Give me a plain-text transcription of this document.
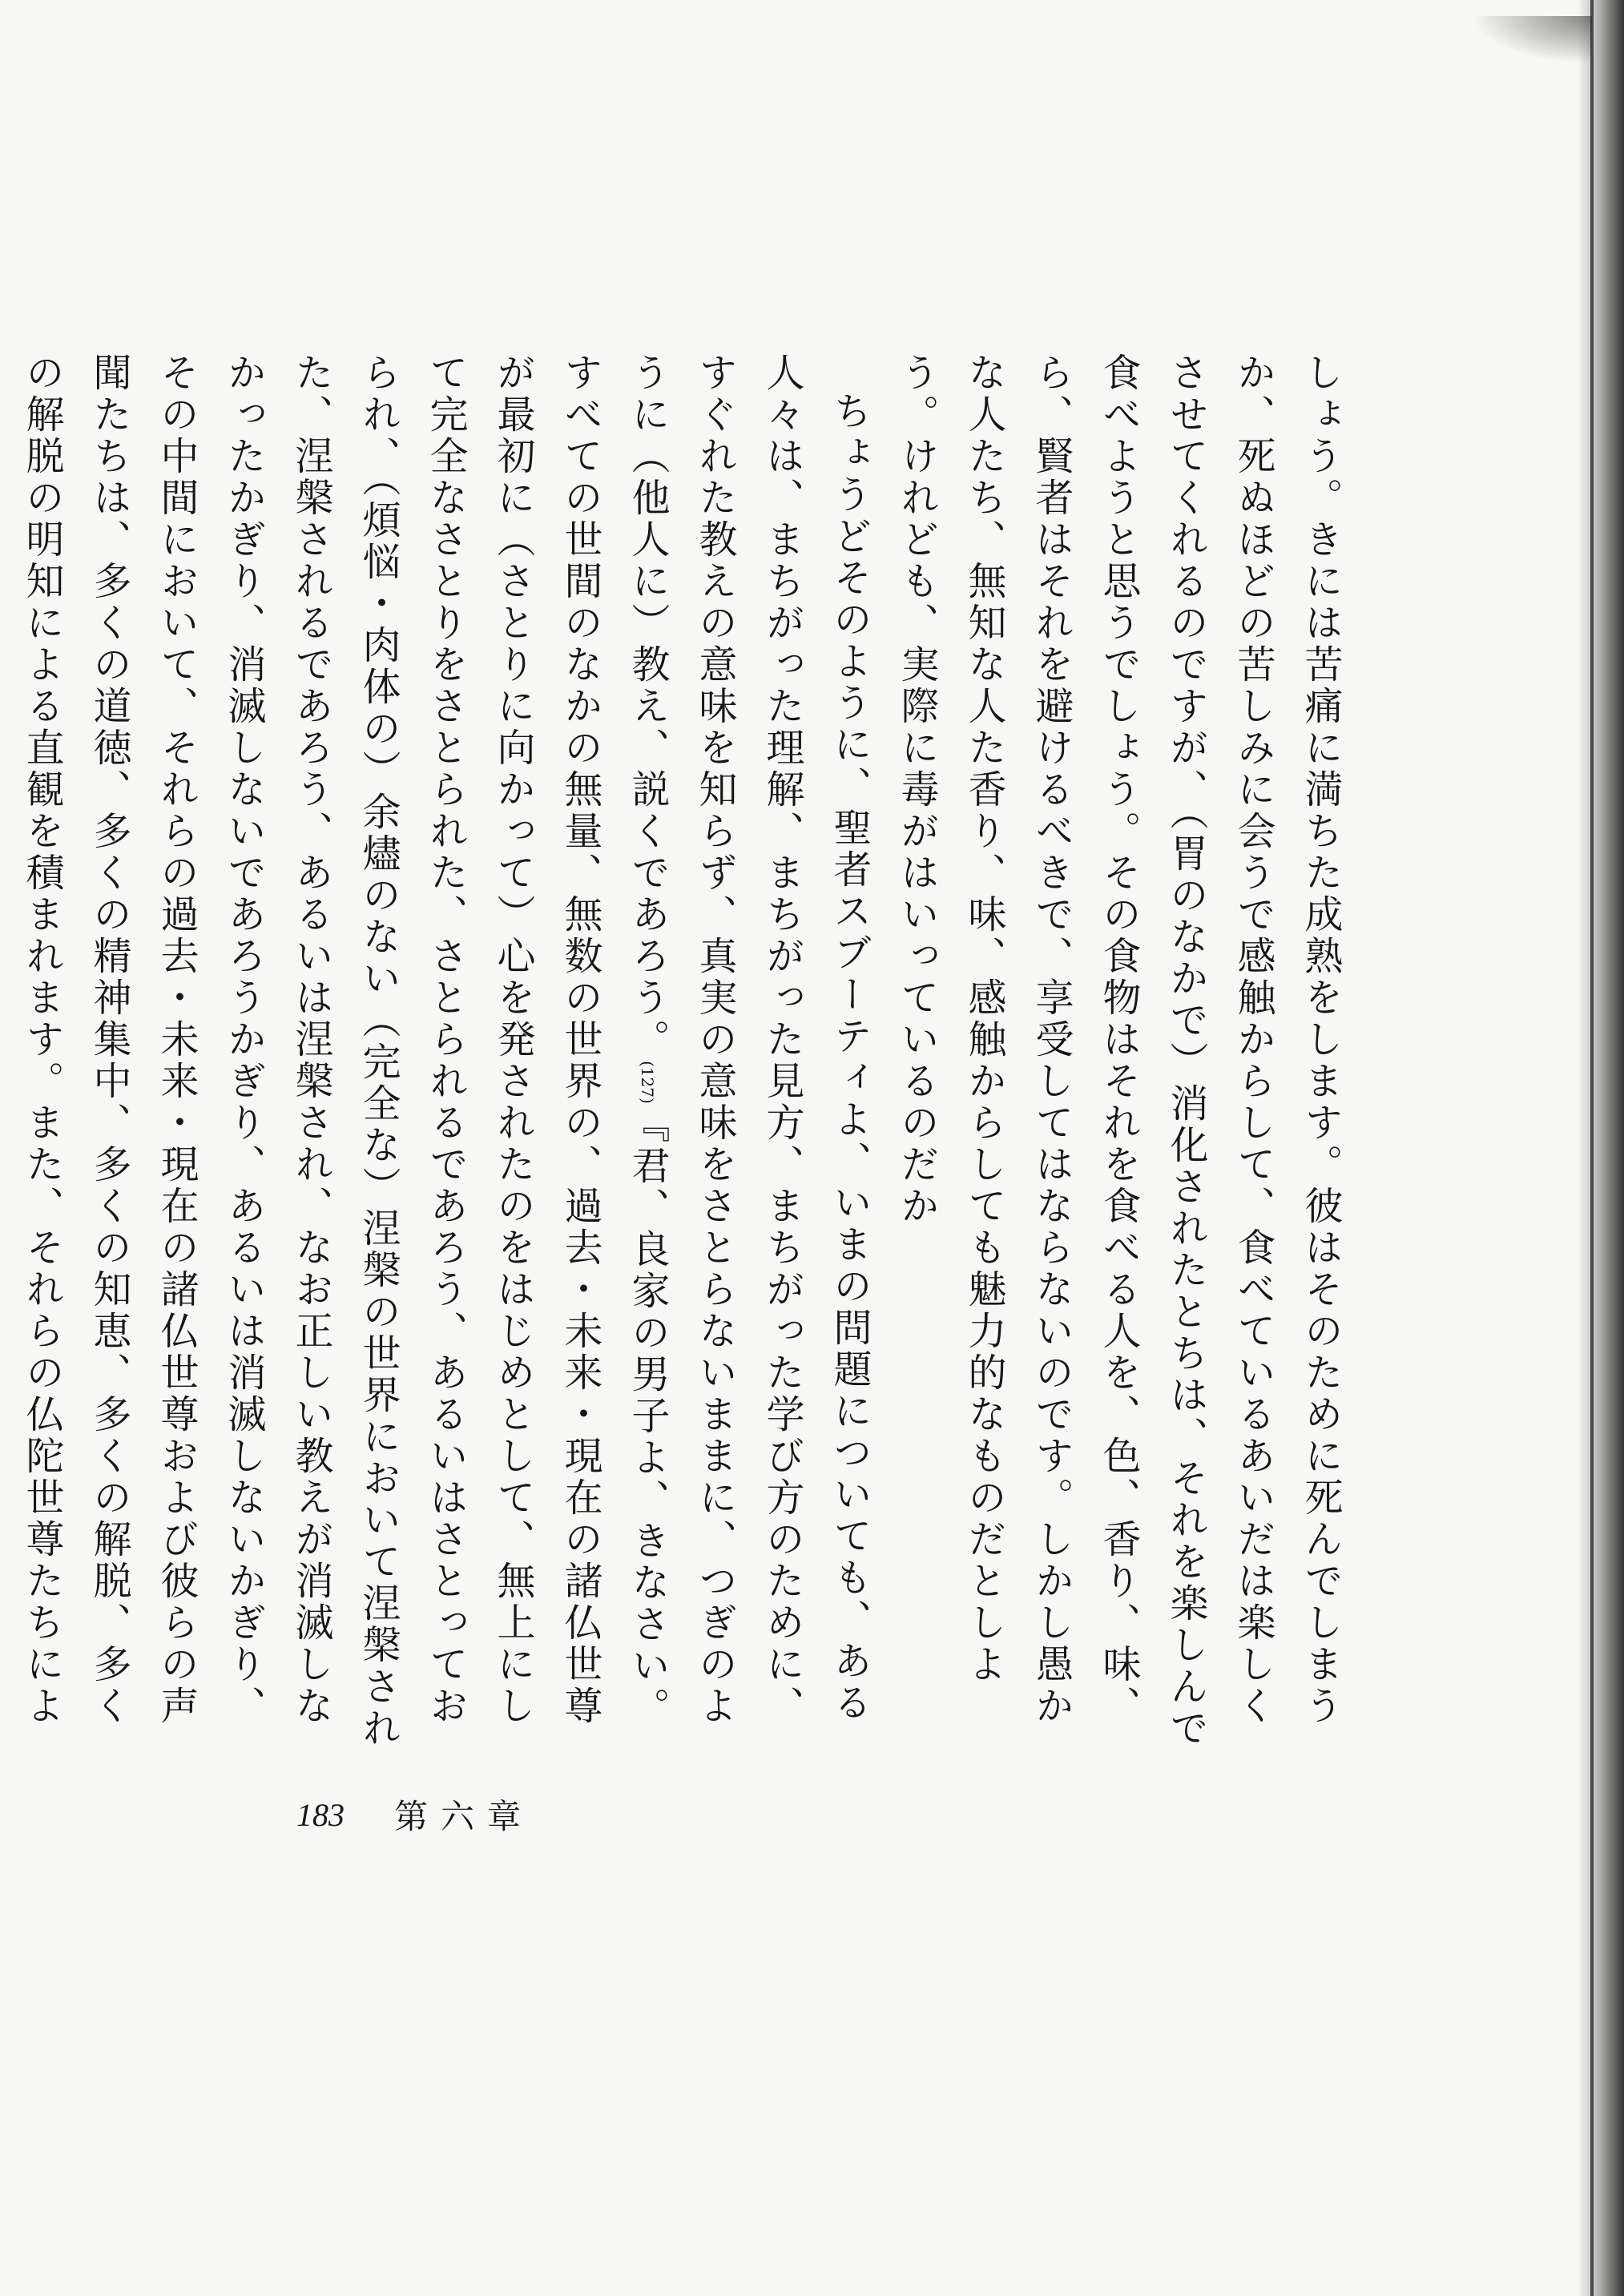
しょう。きには苦痛に満ちた成熟をします。彼はそのために死んでしまうか、死ぬほどの苦しみに会うで感触からして、食べているあいだは楽しくさせてくれるのですが、（胃のなかで）消化されたとちは、それを楽しんで食べようと思うでしょう。その食物はそれを食べる人を、色、香り、味、ら、賢者はそれを避けるべきで、享受してはならないのです。しかし愚かな人たち、無知な人た香り、味、感触からしても魅力的なものだとしよう。けれども、実際に毒がはいっているのだか

ちょうどそのように、聖者スブーティよ、いまの問題についても、ある人々は、まちがった理解、まちがった見方、まちがった学び方のために、すぐれた教えの意味を知らず、真実の意味をさとらないままに、つぎのように（他人に）教え、説くであろう。(127)『君、良家の男子よ、きなさい。すべての世間のなかの無量、無数の世界の、過去・未来・現在の諸仏世尊が最初に（さとりに向かって）心を発されたのをはじめとして、無上にして完全なさとりをさとられた、さとられるであろう、あるいはさとっておられ、（煩悩・肉体の）余燼のない（完全な）涅槃の世界において涅槃された、涅槃されるであろう、あるいは涅槃され、なお正しい教えが消滅しなかったかぎり、消滅しないであろうかぎり、あるいは消滅しないかぎり、その中間において、それらの過去・未来・現在の諸仏世尊および彼らの声聞たちは、多くの道徳、多くの精神集中、多くの知恵、多くの解脱、多くの解脱の明知による直観を積まれます。また、それらの仏陀世尊たちによ

183 第六章
